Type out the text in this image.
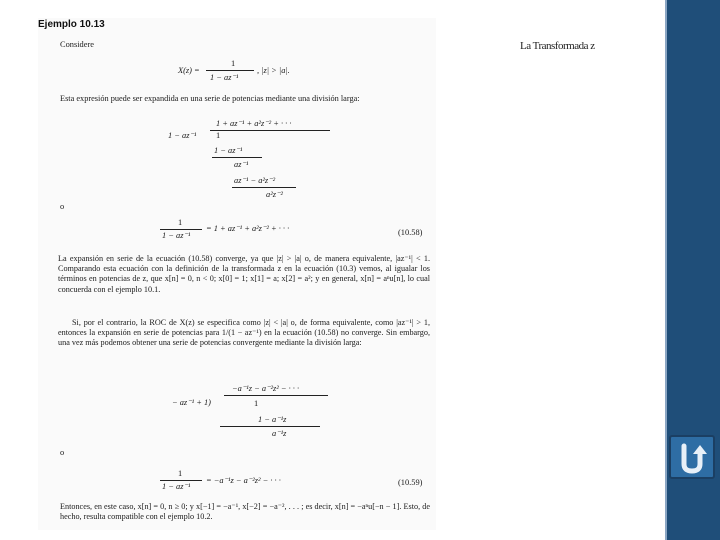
La Transformada z
Ejemplo 10.13
Considere
X(z) =
1
1 − az⁻¹
, |z| > |a|.
Esta expresión puede ser expandida en una serie de potencias mediante una división larga:
1 + az⁻¹ + a²z⁻² + · · ·
1 − az⁻¹ 1
1 − az⁻¹
az⁻¹
az⁻¹ − a²z⁻²
a²z⁻²
o
1
1 − az⁻¹
= 1 + az⁻¹ + a²z⁻² + · · ·	(10.58)
La expansión en serie de la ecuación (10.58) converge, ya que |z| > |a| o, de manera equivalente, |az⁻¹| < 1. Comparando esta ecuación con la definición de la transformada z en la ecuación (10.3) vemos, al igualar los términos en potencias de z, que x[n] = 0, n < 0; x[0] = 1; x[1] = a; x[2] = a²; y en general, x[n] = aⁿu[n], lo cual concuerda con el ejemplo 10.1.
Si, por el contrario, la ROC de X(z) se especifica como |z| < |a| o, de forma equivalente, como |az⁻¹| > 1, entonces la expansión en serie de potencias para 1/(1 − az⁻¹) en la ecuación (10.58) no converge. Sin embargo, una vez más podemos obtener una serie de potencias convergente mediante la división larga:
−a⁻¹z − a⁻²z² − · · ·
− az⁻¹ + 1)	1
1 − a⁻¹z
a⁻¹z
o
1
1 − az⁻¹
= −a⁻¹z − a⁻²z² − · · ·	(10.59)
Entonces, en este caso, x[n] = 0, n ≥ 0; y x[−1] = −a⁻¹, x[−2] = −a⁻², . . . ; es decir, x[n] = −aⁿu[−n − 1]. Esto, de hecho, resulta compatible con el ejemplo 10.2.
